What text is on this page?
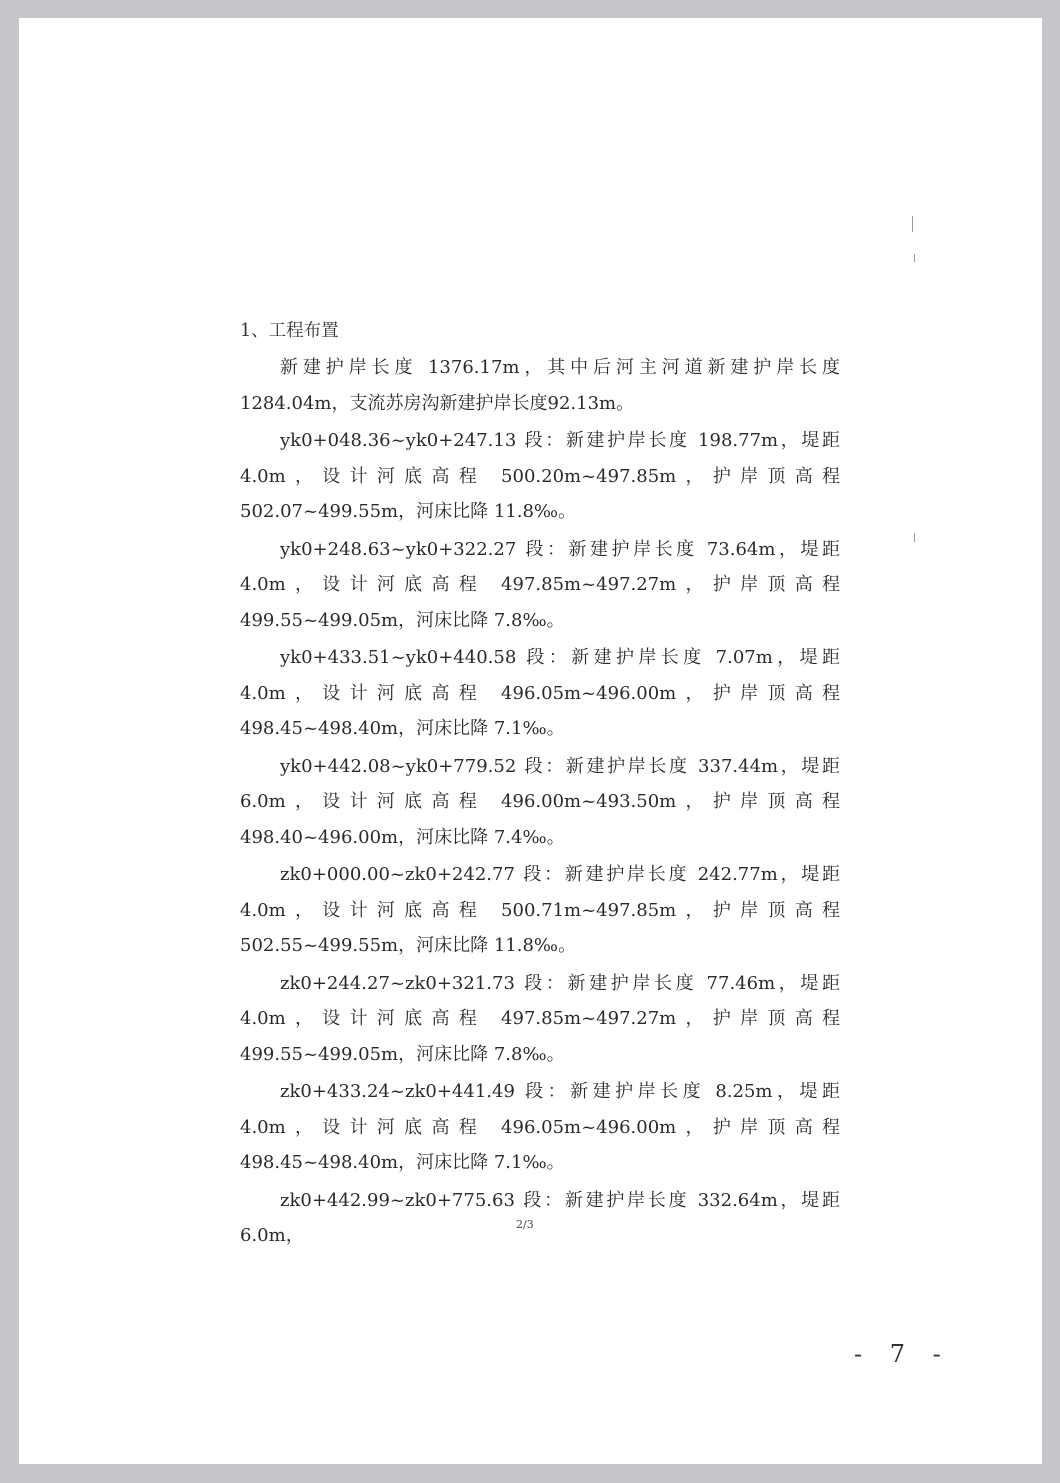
1、工程布置

新建护岸长度 1376.17m，其中后河主河道新建护岸长度1284.04m，支流苏房沟新建护岸长度92.13m。

yk0+048.36~yk0+247.13 段：新建护岸长度 198.77m，堤距 4.0m，设计河底高程 500.20m~497.85m，护岸顶高程 502.07~499.55m，河床比降 11.8‰。

yk0+248.63~yk0+322.27 段：新建护岸长度 73.64m，堤距 4.0m，设计河底高程 497.85m~497.27m，护岸顶高程 499.55~499.05m，河床比降 7.8‰。

yk0+433.51~yk0+440.58 段：新建护岸长度 7.07m，堤距 4.0m，设计河底高程 496.05m~496.00m，护岸顶高程 498.45~498.40m，河床比降 7.1‰。

yk0+442.08~yk0+779.52 段：新建护岸长度 337.44m，堤距 6.0m，设计河底高程 496.00m~493.50m，护岸顶高程 498.40~496.00m，河床比降 7.4‰。

zk0+000.00~zk0+242.77 段：新建护岸长度 242.77m，堤距 4.0m，设计河底高程 500.71m~497.85m，护岸顶高程 502.55~499.55m，河床比降 11.8‰。

zk0+244.27~zk0+321.73 段：新建护岸长度 77.46m，堤距 4.0m，设计河底高程 497.85m~497.27m，护岸顶高程 499.55~499.05m，河床比降 7.8‰。

zk0+433.24~zk0+441.49 段：新建护岸长度 8.25m，堤距 4.0m，设计河底高程 496.05m~496.00m，护岸顶高程 498.45~498.40m，河床比降 7.1‰。

zk0+442.99~zk0+775.63 段：新建护岸长度 332.64m，堤距 6.0m，

2/3
- 7 -
